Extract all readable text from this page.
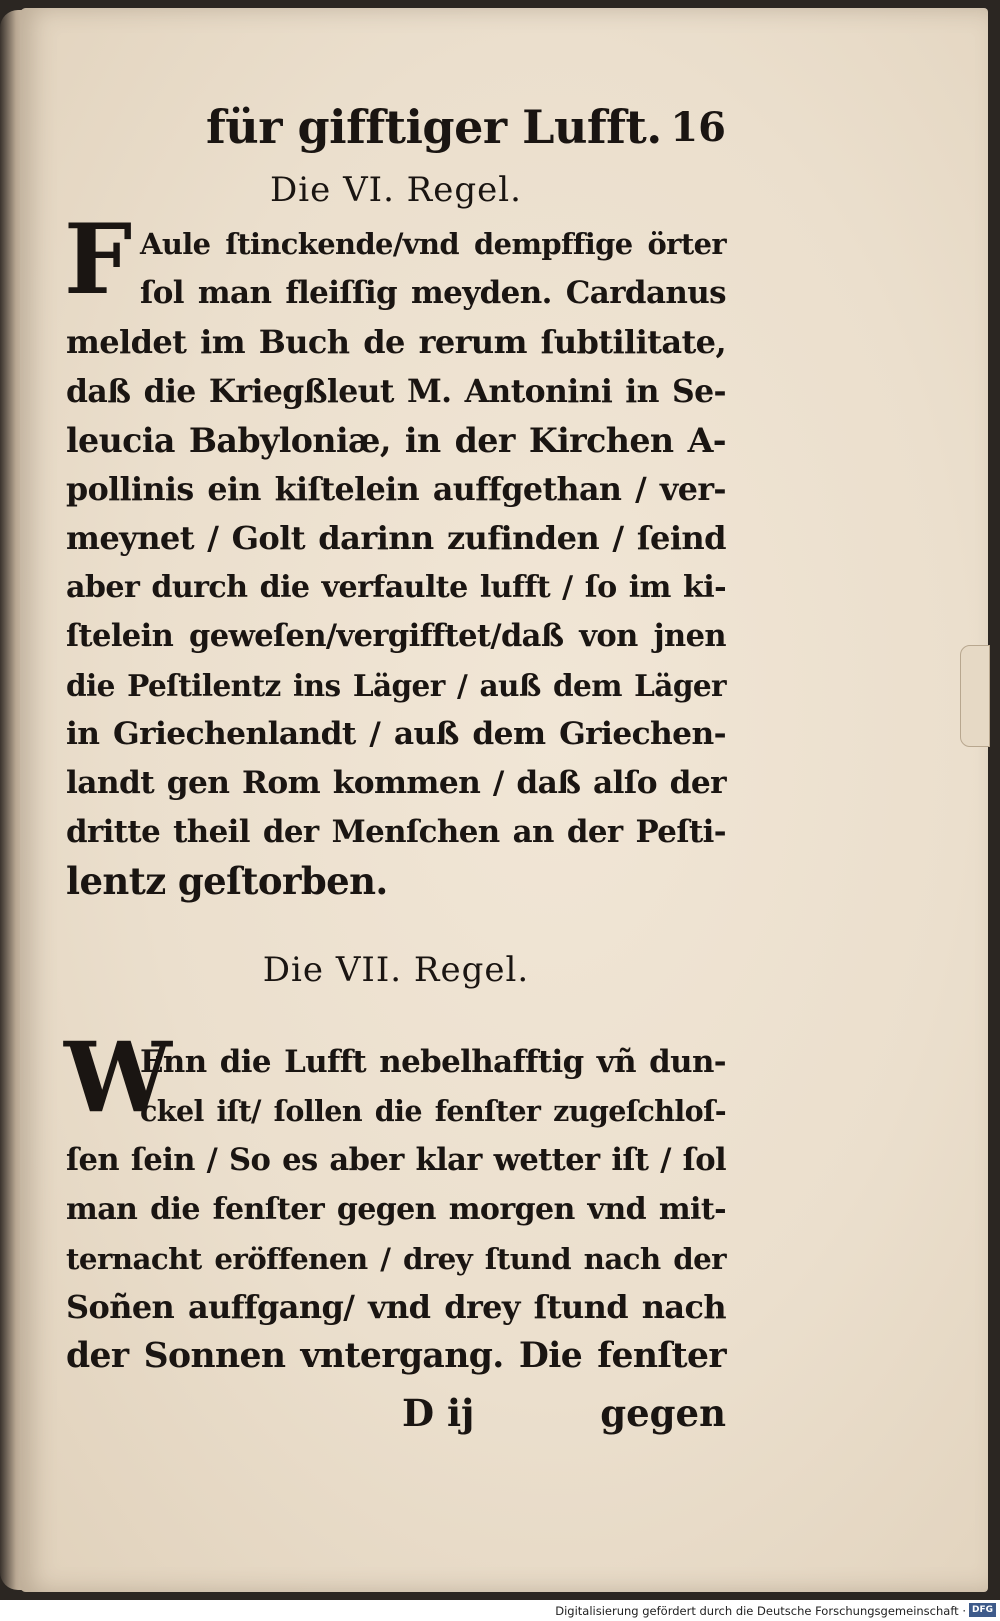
für gifftiger Lufft. 16
Die VI. Regel.
F Aule ſtinckende/vnd dempffige örter
ſol man fleiſſig meyden. Cardanus
meldet im Buch de rerum ſubtilitate,
daß die Kriegßleut M. Antonini in Se-
leucia Babyloniæ, in der Kirchen A-
pollinis ein kiſtelein auffgethan / ver-
meynet / Golt darinn zufinden / ſeind
aber durch die verfaulte lufft / ſo im ki-
ſtelein geweſen/vergifftet/daß von jnen
die Peſtilentz ins Läger / auß dem Läger
in Griechenlandt / auß dem Griechen-
landt gen Rom kommen / daß alſo der
dritte theil der Menſchen an der Peſti-
lentz geſtorben.
Die VII. Regel.
W
Enn die Lufft nebelhafftig vñ dun-
ckel iſt/ ſollen die fenſter zugeſchloſ-
ſen ſein / So es aber klar wetter iſt / ſol
man die fenſter gegen morgen vnd mit-
ternacht eröffenen / drey ſtund nach der
Soñen auffgang/ vnd drey ſtund nach
der Sonnen vntergang. Die fenſter
D ij	gegen
Digitalisierung gefördert durch die Deutsche Forschungsgemeinschaft · DFG
